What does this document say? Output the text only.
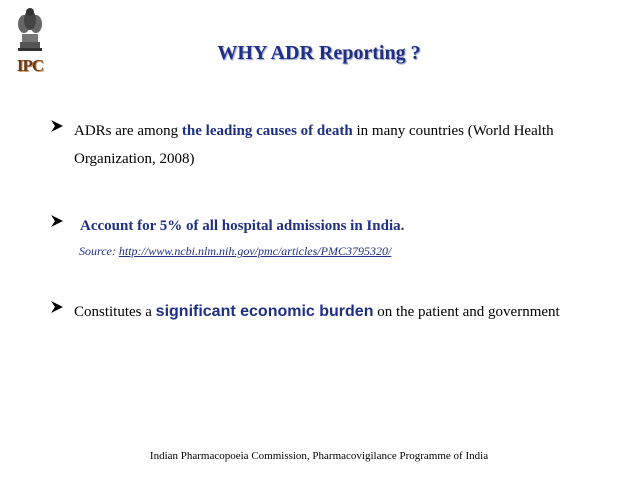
IPC
WHY ADR Reporting ?
ADRs are among the leading causes of death in many countries (World Health Organization, 2008)
Account for 5% of all hospital admissions in India.
Source: http://www.ncbi.nlm.nih.gov/pmc/articles/PMC3795320/
Constitutes a significant economic burden on the patient and government
Indian Pharmacopoeia Commission, Pharmacovigilance Programme of India
